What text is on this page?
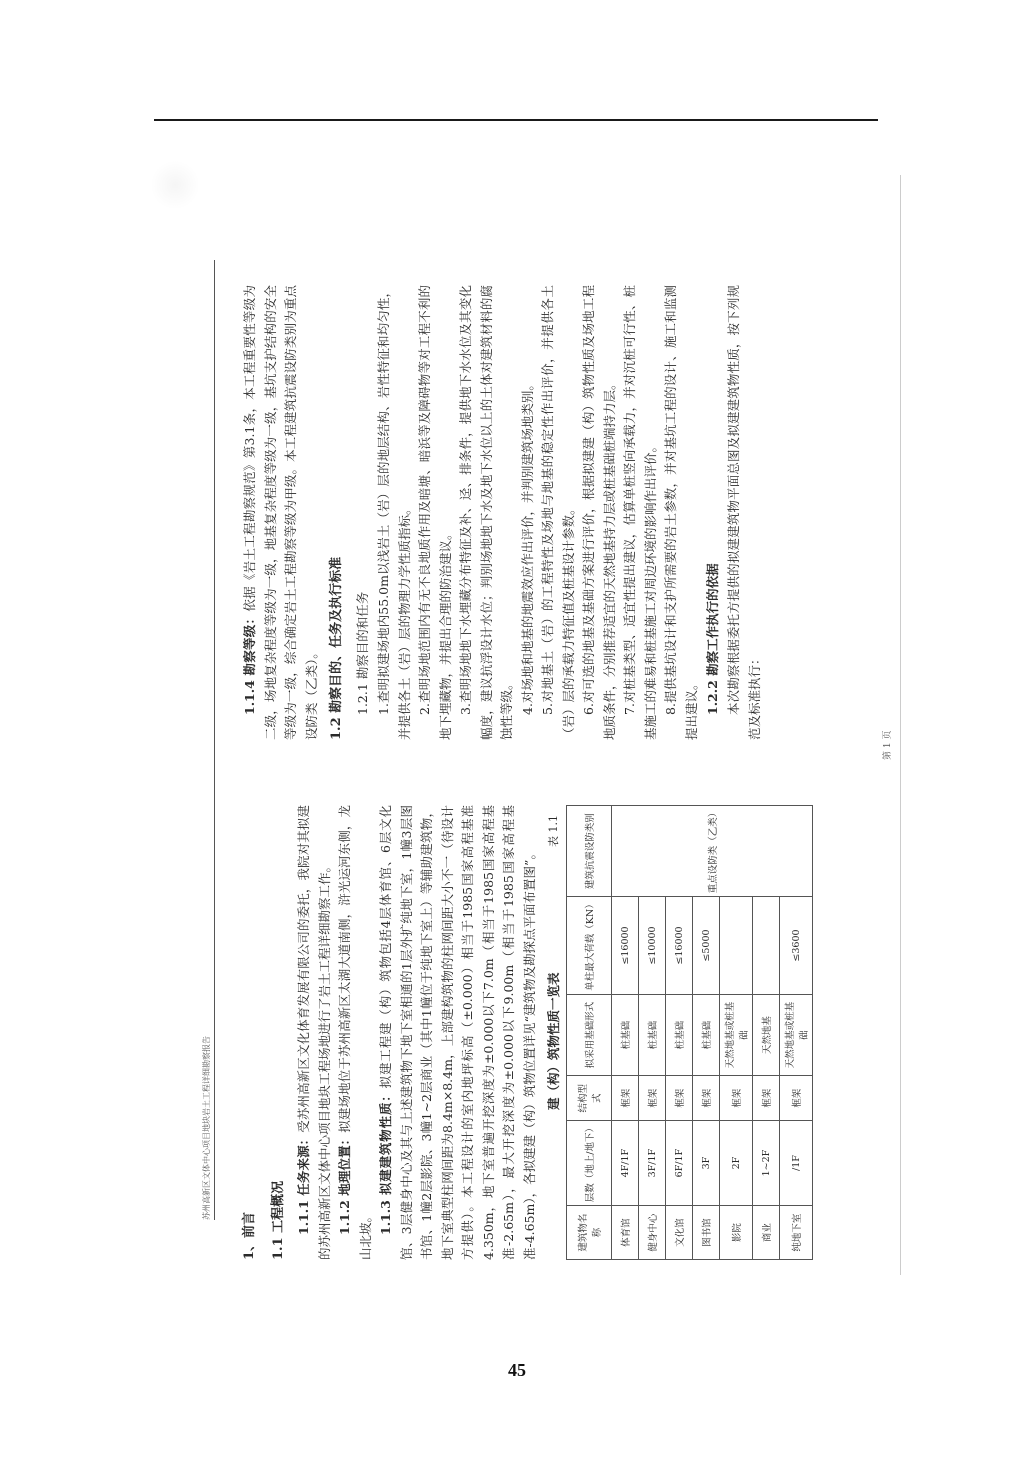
苏州高新区文体中心项目地块岩土工程详细勘察报告
1、前言 1.1 工程概况 1.1.1 任务来源：受苏州高新区文化体育发展有限公司的委托，我院对其拟建的苏州高新区文体中心项目地块工程场地进行了岩土工程详细勘察工作。 1.1.2 地理位置：拟建场地位于苏州高新区太湖大道南侧，浒光运河东侧，龙山北坡。 1.1.3 拟建建筑物性质：拟建工程建（构）筑物包括4层体育馆、6层文化馆、3层健身中心及其与上述建筑物下地下室相通的1层外扩纯地下室，1幢3层图书馆、1幢2层影院、3幢1~2层商业（其中1幢位于纯地下室上）等辅助建筑物，地下室典型柱网间距为8.4m×8.4m，上部建构筑物的柱网间距大小不一（待设计方提供）。本工程设计的室内地坪标高（±0.000）相当于1985国家高程基准4.350m，地下室普遍开挖深度为±0.000以下7.0m（相当于1985国家高程基准-2.65m），最大开挖深度为±0.000以下9.00m（相当于1985国家高程基准-4.65m），各拟建建（构）筑物位置详见“建筑物及勘探点平面布置图”。 建（构）筑物性质一览表
表 1.1
建筑物名称	层数（地上/地下）	结构型式	拟采用基础形式	单柱最大荷载（KN）	建筑抗震设防类别
体育馆	4F/1F	框架	桩基础	≤16000	重点设防类（乙类）
健身中心	3F/1F	框架	桩基础	≤10000	
文化馆	6F/1F	框架	桩基础	≤16000	
图书馆	3F	框架	桩基础	≤5000	
影院	2F	框架	天然地基或桩基础		
商业	1~2F	框架	天然地基		
纯地下室	/1F	框架	天然地基或桩基础	≤3600	

1.1.4 勘察等级：依据《岩土工程勘察规范》第3.1条，本工程重要性等级为二级，场地复杂程度等级为一级，地基复杂程度等级为一级，基坑支护结构的安全等级为一级，综合确定岩土工程勘察等级为甲级。本工程建筑抗震设防类别为重点设防类（乙类）。 1.2 勘察目的、任务及执行标准 1.2.1 勘察目的和任务 1.查明拟建场地内55.0m以浅岩土（岩）层的地层结构、岩性特征和均匀性，并提供各土（岩）层的物理力学性质指标。 2.查明场地范围内有无不良地质作用及暗塘、暗浜等及障碍物等对工程不利的地下埋藏物，并提出合理的防治建议。 3.查明场地地下水埋藏分布特征及补、迳、排条件，提供地下水水位及其变化幅度，建议抗浮设计水位；判别场地地下水及地下水位以上的土体对建筑材料的腐蚀性等级。 4.对场地和地基的地震效应作出评价，并判别建筑场地类别。 5.对地基土（岩）的工程特性及场地与地基的稳定性作出评价，并提供各土（岩）层的承载力特征值及桩基设计参数。 6.对可选的地基及基础方案进行评价，根据拟建建（构）筑物性质及场地工程地质条件，分别推荐适宜的天然地基持力层或桩基础桩端持力层。 7.对桩基类型、适宜性提出建议，估算单桩竖向承载力，并对沉桩可行性、桩基施工的难易和桩基施工对周边环境的影响作出评价。 8.提供基坑设计和支护所需要的岩土参数，并对基坑工程的设计、施工和监测提出建议。 1.2.2 勘察工作执行的依据 本次勘察根据委托方提供的拟建建筑物平面总图及拟建建筑物性质，按下列规范及标准执行：

第 1 页
45
